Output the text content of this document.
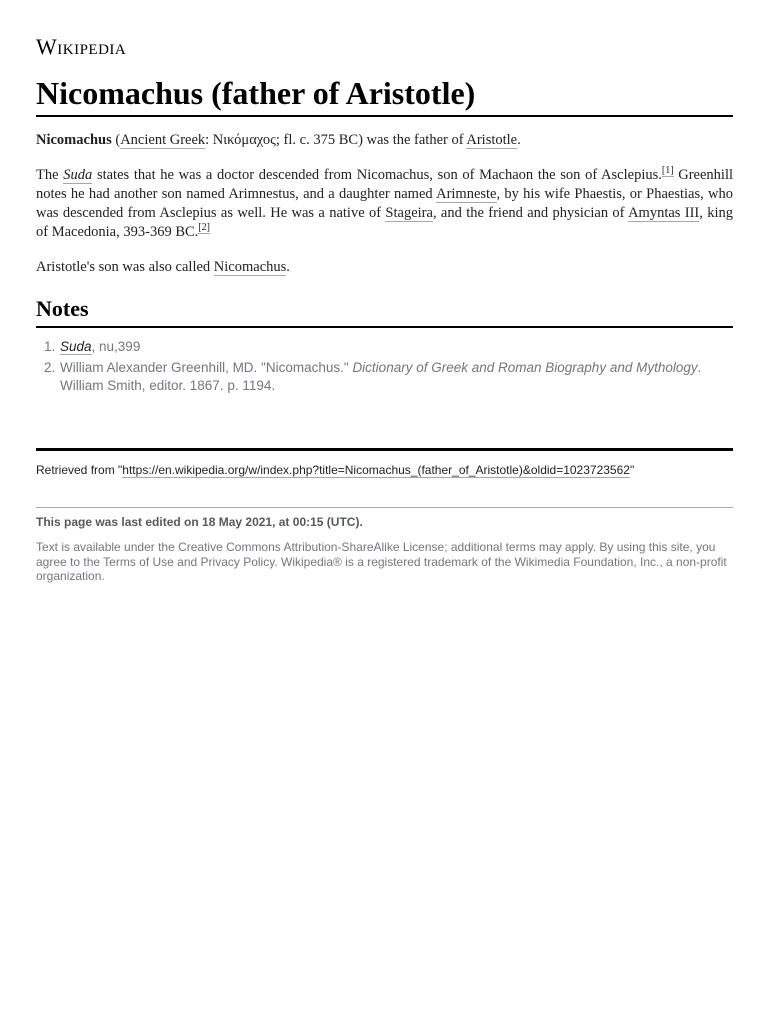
Wikipedia
Nicomachus (father of Aristotle)

Nicomachus (Ancient Greek: Νικόμαχος; fl. c. 375 BC) was the father of Aristotle.

The Suda states that he was a doctor descended from Nicomachus, son of Machaon the son of Asclepius.[1] Greenhill notes he had another son named Arimnestus, and a daughter named Arimneste, by his wife Phaestis, or Phaestias, who was descended from Asclepius as well. He was a native of Stageira, and the friend and physician of Amyntas III, king of Macedonia, 393-369 BC.[2]

Aristotle's son was also called Nicomachus.

Notes
1. Suda, nu,399
2. William Alexander Greenhill, MD. "Nicomachus." Dictionary of Greek and Roman Biography and Mythology. William Smith, editor. 1867. p. 1194.
Retrieved from "https://en.wikipedia.org/w/index.php?title=Nicomachus_(father_of_Aristotle)&oldid=1023723562"
This page was last edited on 18 May 2021, at 00:15 (UTC).
Text is available under the Creative Commons Attribution-ShareAlike License; additional terms may apply. By using this site, you agree to the Terms of Use and Privacy Policy. Wikipedia® is a registered trademark of the Wikimedia Foundation, Inc., a non-profit organization.
